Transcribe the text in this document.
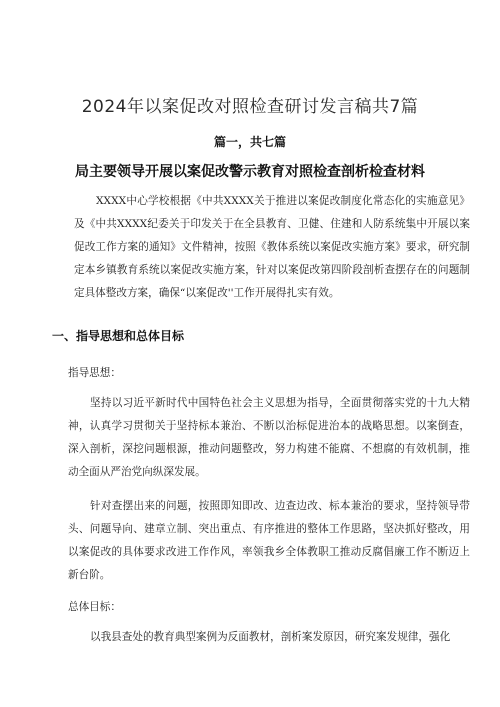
2024年以案促改对照检查研讨发言稿共7篇
篇一，共七篇
局主要领导开展以案促改警示教育对照检查剖析检查材料

XXXX中心学校根据《中共XXXX关于推进以案促改制度化常态化的实施意见》及《中共XXXX纪委关于印发关于在全县教育、卫健、住建和人防系统集中开展以案促改工作方案的通知》文件精神，按照《教体系统以案促改实施方案》要求，研究制定本乡镇教育系统以案促改实施方案，针对以案促改第四阶段剖析查摆存在的问题制定具体整改方案，确保“以案促改''工作开展得扎实有效。

一、指导思想和总体目标

指导思想：

坚持以习近平新时代中国特色社会主义思想为指导，全面贯彻落实党的十九大精神，认真学习贯彻关于坚持标本兼治、不断以治标促进治本的战略思想。以案倒查，深入剖析，深挖问题根源，推动问题整改，努力构建不能腐、不想腐的有效机制，推动全面从严治党向纵深发展。

针对查摆出来的问题，按照即知即改、边查边改、标本兼治的要求，坚持领导带头、问题导向、建章立制、突出重点、有序推进的整体工作思路，坚决抓好整改，用以案促改的具体要求改进工作作风，率领我乡全体教职工推动反腐倡廉工作不断迈上新台阶。

总体目标：

以我县查处的教育典型案例为反面教材，剖析案发原因，研究案发规律，强化
